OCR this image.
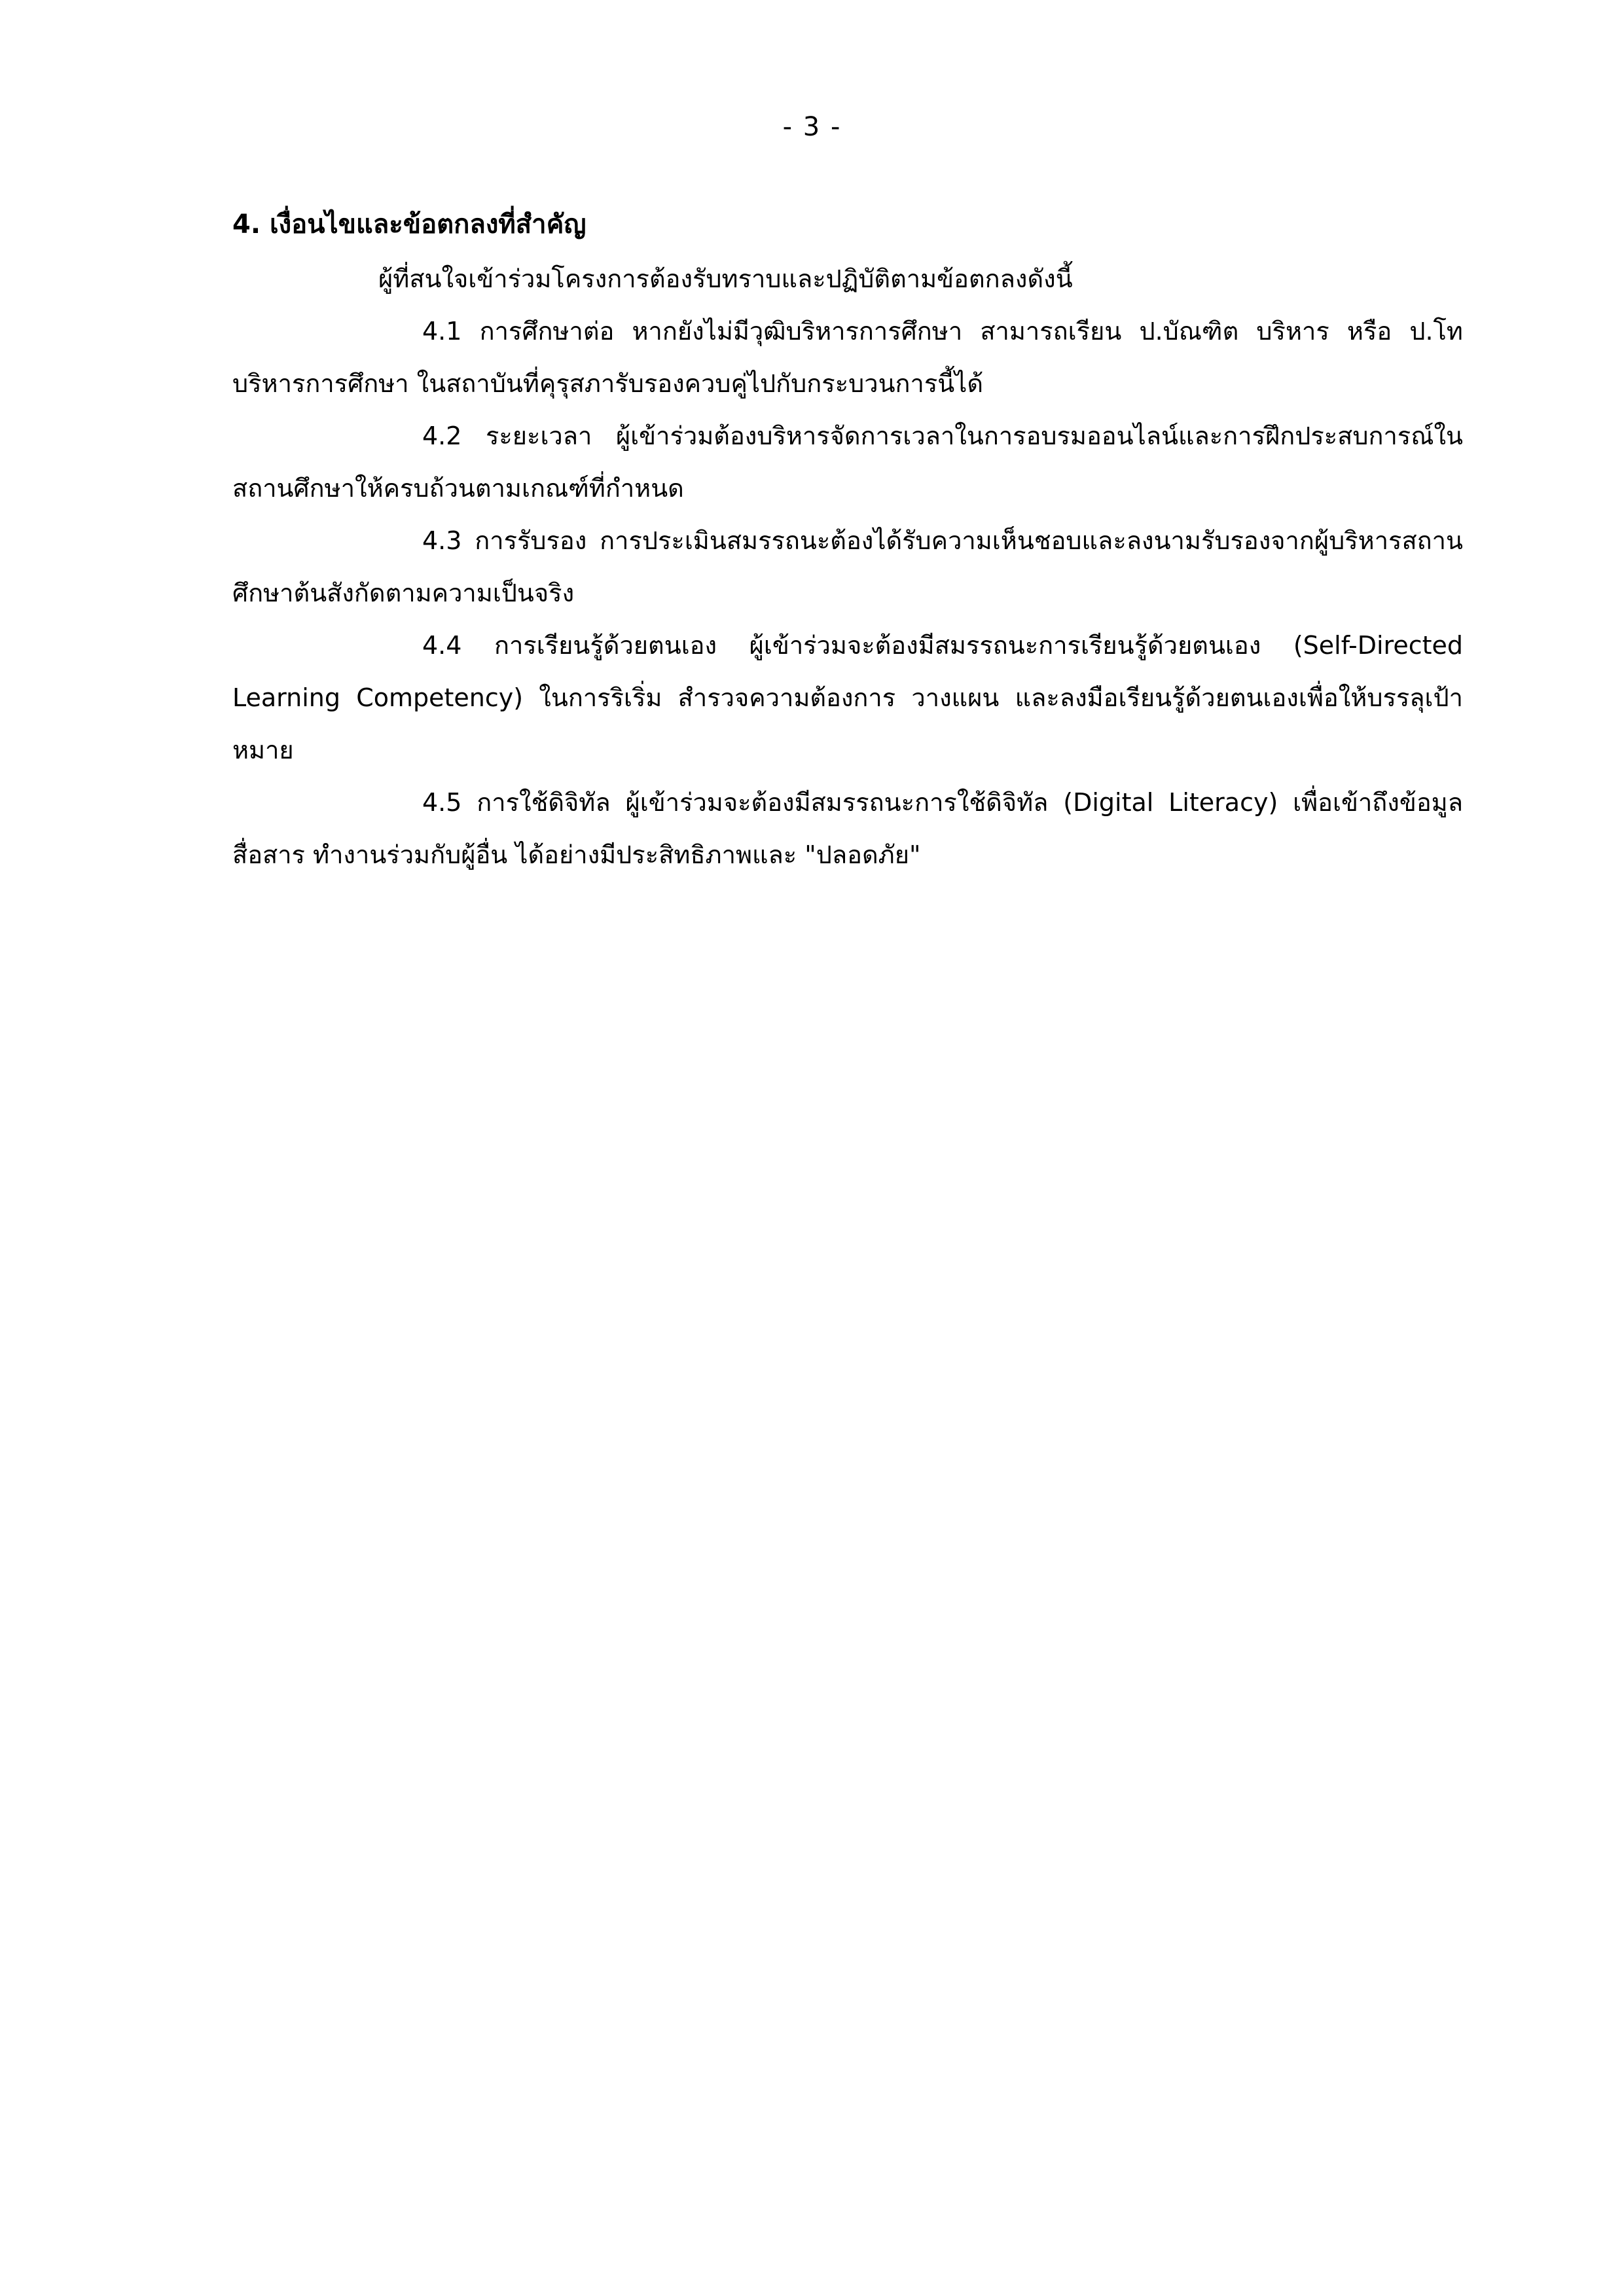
- 3 -

4. เงื่อนไขและข้อตกลงที่สำคัญ

ผู้ที่สนใจเข้าร่วมโครงการต้องรับทราบและปฏิบัติตามข้อตกลงดังนี้

4.1 การศึกษาต่อ หากยังไม่มีวุฒิบริหารการศึกษา สามารถเรียน ป.บัณฑิต บริหาร หรือ ป.โท บริหารการศึกษา ในสถาบันที่คุรุสภารับรองควบคู่ไปกับกระบวนการนี้ได้

4.2 ระยะเวลา ผู้เข้าร่วมต้องบริหารจัดการเวลาในการอบรมออนไลน์และการฝึกประสบการณ์ในสถานศึกษาให้ครบถ้วนตามเกณฑ์ที่กำหนด

4.3 การรับรอง การประเมินสมรรถนะต้องได้รับความเห็นชอบและลงนามรับรองจากผู้บริหารสถานศึกษาต้นสังกัดตามความเป็นจริง

4.4 การเรียนรู้ด้วยตนเอง ผู้เข้าร่วมจะต้องมีสมรรถนะการเรียนรู้ด้วยตนเอง (Self-Directed Learning Competency) ในการริเริ่ม สำรวจความต้องการ วางแผน และลงมือเรียนรู้ด้วยตนเองเพื่อให้บรรลุเป้าหมาย

4.5 การใช้ดิจิทัล ผู้เข้าร่วมจะต้องมีสมรรถนะการใช้ดิจิทัล (Digital Literacy) เพื่อเข้าถึงข้อมูล สื่อสาร ทำงานร่วมกับผู้อื่น ได้อย่างมีประสิทธิภาพและ "ปลอดภัย"
